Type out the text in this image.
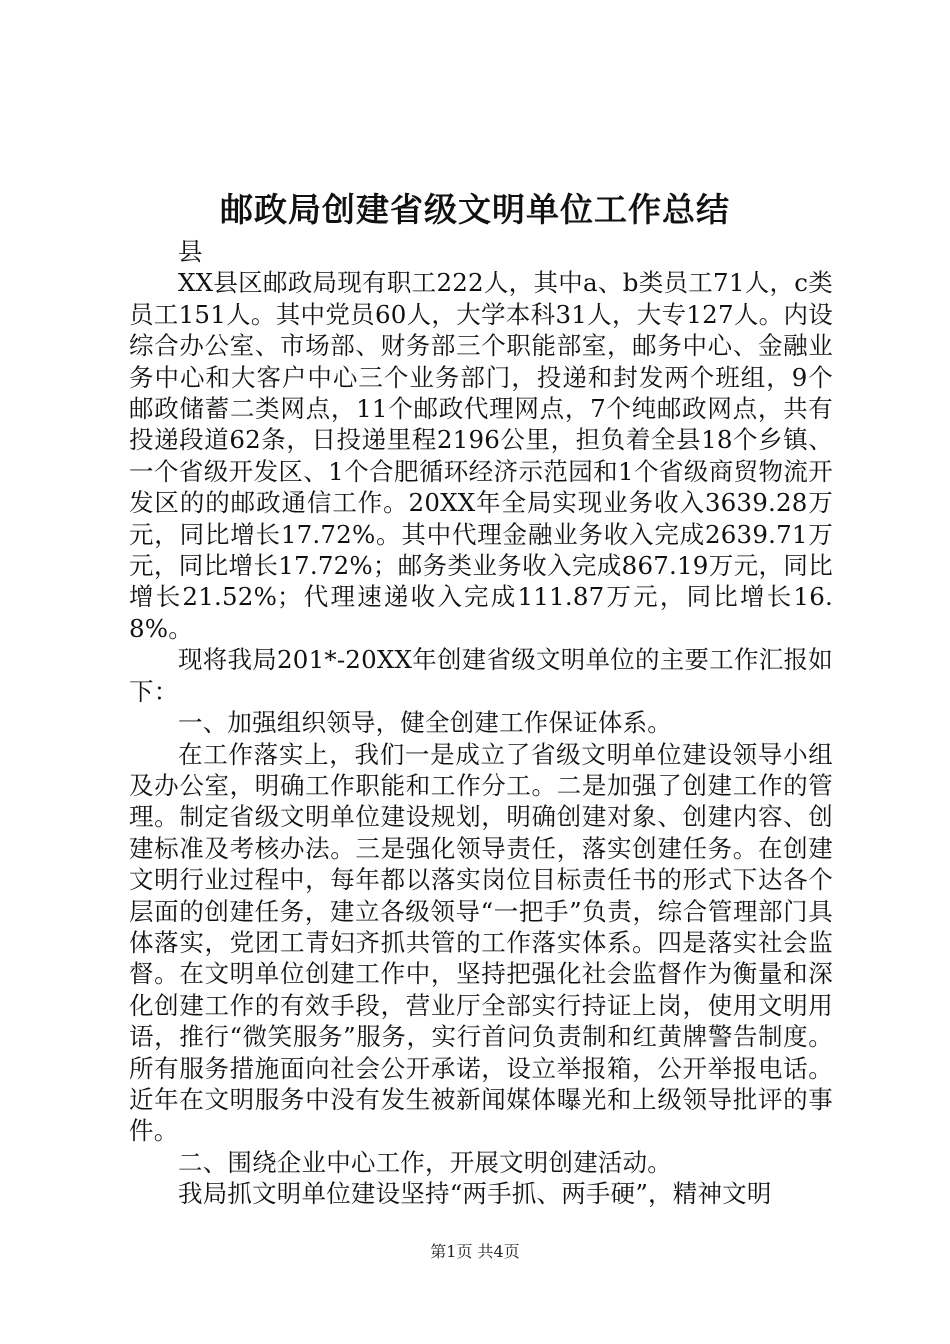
邮政局创建省级文明单位工作总结

县

XX县区邮政局现有职工222人，其中a、b类员工71人，c类员工151人。其中党员60人，大学本科31人，大专127人。内设综合办公室、市场部、财务部三个职能部室，邮务中心、金融业务中心和大客户中心三个业务部门，投递和封发两个班组，9个邮政储蓄二类网点，11个邮政代理网点，7个纯邮政网点，共有投递段道62条，日投递里程2196公里，担负着全县18个乡镇、一个省级开发区、1个合肥循环经济示范园和1个省级商贸物流开发区的的邮政通信工作。20XX年全局实现业务收入3639.28万元，同比增长17.72%。其中代理金融业务收入完成2639.71万元，同比增长17.72%；邮务类业务收入完成867.19万元，同比增长21.52%；代理速递收入完成111.87万元，同比增长16.8%。

现将我局201*-20XX年创建省级文明单位的主要工作汇报如下：

一、加强组织领导，健全创建工作保证体系。

在工作落实上，我们一是成立了省级文明单位建设领导小组及办公室，明确工作职能和工作分工。二是加强了创建工作的管理。制定省级文明单位建设规划，明确创建对象、创建内容、创建标准及考核办法。三是强化领导责任，落实创建任务。在创建文明行业过程中，每年都以落实岗位目标责任书的形式下达各个层面的创建任务，建立各级领导“一把手”负责，综合管理部门具体落实，党团工青妇齐抓共管的工作落实体系。四是落实社会监督。在文明单位创建工作中，坚持把强化社会监督作为衡量和深化创建工作的有效手段，营业厅全部实行持证上岗，使用文明用语，推行“微笑服务”服务，实行首问负责制和红黄牌警告制度。所有服务措施面向社会公开承诺，设立举报箱，公开举报电话。近年在文明服务中没有发生被新闻媒体曝光和上级领导批评的事件。

二、围绕企业中心工作，开展文明创建活动。

我局抓文明单位建设坚持“两手抓、两手硬”，精神文明

第1页 共4页
